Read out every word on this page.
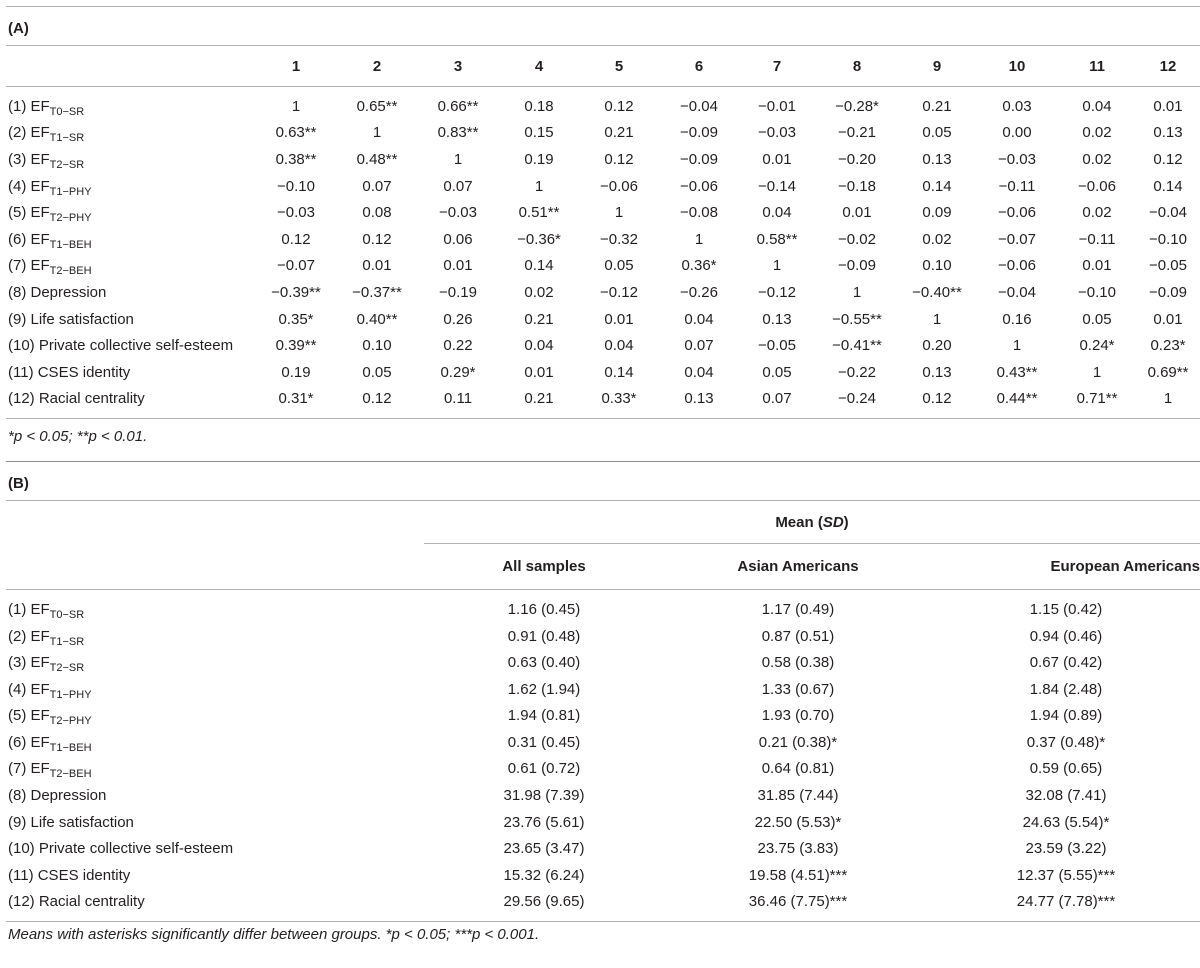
(A)
	1	2	3	4	5	6	7	8	9	10	11	12

(1) $EF_{T0-SR}$	1	0.65**	0.66**	0.18	0.12	−0.04	−0.01	−0.28*	0.21	0.03	0.04	0.01
(2) $EF_{T1-SR}$	0.63**	1	0.83**	0.15	0.21	−0.09	−0.03	−0.21	0.05	0.00	0.02	0.13
(3) $EF_{T2-SR}$	0.38**	0.48**	1	0.19	0.12	−0.09	0.01	−0.20	0.13	−0.03	0.02	0.12
(4) $EF_{T1-PHY}$	−0.10	0.07	0.07	1	−0.06	−0.06	−0.14	−0.18	0.14	−0.11	−0.06	0.14
(5) $EF_{T2-PHY}$	−0.03	0.08	−0.03	0.51**	1	−0.08	0.04	0.01	0.09	−0.06	0.02	−0.04
(6) $EF_{T1-BEH}$	0.12	0.12	0.06	−0.36*	−0.32	1	0.58**	−0.02	0.02	−0.07	−0.11	−0.10
(7) $EF_{T2-BEH}$	−0.07	0.01	0.01	0.14	0.05	0.36*	1	−0.09	0.10	−0.06	0.01	−0.05
(8) Depression	−0.39**	−0.37**	−0.19	0.02	−0.12	−0.26	−0.12	1	−0.40**	−0.04	−0.10	−0.09
(9) Life satisfaction	0.35*	0.40**	0.26	0.21	0.01	0.04	0.13	−0.55**	1	0.16	0.05	0.01
(10) Private collective self-esteem	0.39**	0.10	0.22	0.04	0.04	0.07	−0.05	−0.41**	0.20	1	0.24*	0.23*
(11) CSES identity	0.19	0.05	0.29*	0.01	0.14	0.04	0.05	−0.22	0.13	0.43**	1	0.69**
(12) Racial centrality	0.31*	0.12	0.11	0.21	0.33*	0.13	0.07	−0.24	0.12	0.44**	0.71**	1
*p < 0.05; **p < 0.01.
(B)
	Mean (SD)		
	All samples	Asian Americans	European Americans

(1) $EF_{T0-SR}$	1.16 (0.45)	1.17 (0.49)	1.15 (0.42)
(2) $EF_{T1-SR}$	0.91 (0.48)	0.87 (0.51)	0.94 (0.46)
(3) $EF_{T2-SR}$	0.63 (0.40)	0.58 (0.38)	0.67 (0.42)
(4) $EF_{T1-PHY}$	1.62 (1.94)	1.33 (0.67)	1.84 (2.48)
(5) $EF_{T2-PHY}$	1.94 (0.81)	1.93 (0.70)	1.94 (0.89)
(6) $EF_{T1-BEH}$	0.31 (0.45)	0.21 (0.38)*	0.37 (0.48)*
(7) $EF_{T2-BEH}$	0.61 (0.72)	0.64 (0.81)	0.59 (0.65)
(8) Depression	31.98 (7.39)	31.85 (7.44)	32.08 (7.41)
(9) Life satisfaction	23.76 (5.61)	22.50 (5.53)*	24.63 (5.54)*
(10) Private collective self-esteem	23.65 (3.47)	23.75 (3.83)	23.59 (3.22)
(11) CSES identity	15.32 (6.24)	19.58 (4.51)***	12.37 (5.55)***
(12) Racial centrality	29.56 (9.65)	36.46 (7.75)***	24.77 (7.78)***
Means with asterisks significantly differ between groups. *p < 0.05; ***p < 0.001.
